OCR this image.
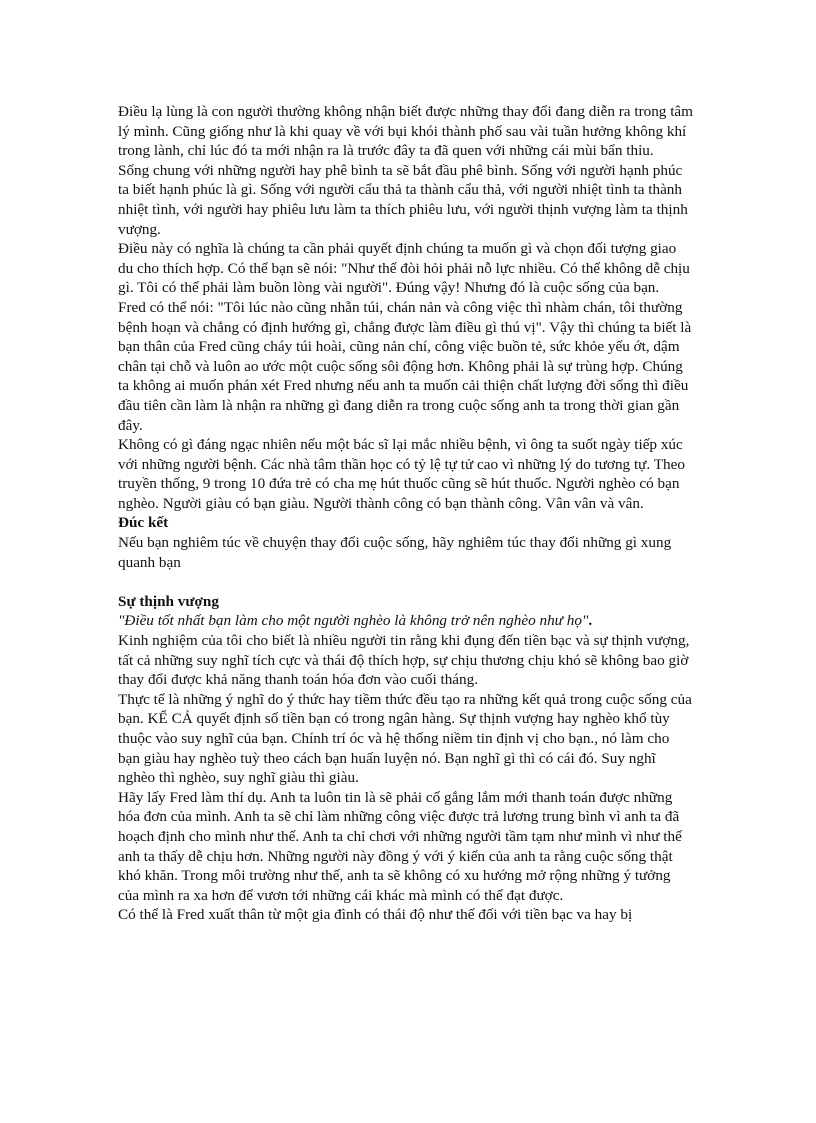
Điều lạ lùng là con người thường không nhận biết được những thay đổi đang diễn ra trong tâm lý mình. Cũng giống như là khi quay về với bụi khói thành phố sau vài tuần hưởng không khí trong lành, chỉ lúc đó ta mới nhận ra là trước đây ta đã quen với những cái mùi bẩn thỉu.

Sống chung với những người hay phê bình ta sẽ bắt đầu phê bình. Sống với người hạnh phúc ta biết hạnh phúc là gì. Sống với người cẩu thả ta thành cẩu thả, với người nhiệt tình ta thành nhiệt tình, với người hay phiêu lưu làm ta thích phiêu lưu, với người thịnh vượng làm ta thịnh vượng.

Điều này có nghĩa là chúng ta cần phải quyết định chúng ta muốn gì và chọn đối tượng giao du cho thích hợp. Có thể bạn sẽ nói: "Như thế đòi hỏi phải nỗ lực nhiều. Có thể không dễ chịu gì. Tôi có thể phải làm buồn lòng vài người". Đúng vậy! Nhưng đó là cuộc sống của bạn.

Fred có thể nói: "Tôi lúc nào cũng nhẵn túi, chán nản và công việc thì nhàm chán, tôi thường bệnh hoạn và chẳng có định hướng gì, chẳng được làm điều gì thú vị". Vậy thì chúng ta biết là bạn thân của Fred cũng cháy túi hoài, cũng nản chí, công việc buồn tẻ, sức khỏe yếu ớt, dậm chân tại chỗ và luôn ao ước một cuộc sống sôi động hơn. Không phải là sự trùng hợp. Chúng ta không ai muốn phán xét Fred nhưng nếu anh ta muốn cải thiện chất lượng đời sống thì điều đầu tiên cần làm là nhận ra những gì đang diễn ra trong cuộc sống anh ta trong thời gian gần đây.

Không có gì đáng ngạc nhiên nếu một bác sĩ lại mắc nhiều bệnh, vì ông ta suốt ngày tiếp xúc với những người bệnh. Các nhà tâm thần học có tỷ lệ tự tử cao vì những lý do tương tự. Theo truyền thống, 9 trong 10 đứa trẻ có cha mẹ hút thuốc cũng sẽ hút thuốc. Người nghèo có bạn nghèo. Người giàu có bạn giàu. Người thành công có bạn thành công. Vân vân và vân.

Đúc kết

Nếu bạn nghiêm túc về chuyện thay đổi cuộc sống, hãy nghiêm túc thay đổi những gì xung quanh bạn

Sự thịnh vượng

"Điều tốt nhất bạn làm cho một người nghèo là không trở nên nghèo như họ".

Kinh nghiệm của tôi cho biết là nhiều người tin rằng khi đụng đến tiền bạc và sự thịnh vượng, tất cả những suy nghĩ tích cực và thái độ thích hợp, sự chịu thương chịu khó sẽ không bao giờ thay đổi được khả năng thanh toán hóa đơn vào cuối tháng.

Thực tế là những ý nghĩ do ý thức hay tiềm thức đều tạo ra những kết quả trong cuộc sống của bạn. KỂ CẢ quyết định số tiền bạn có trong ngân hàng. Sự thịnh vượng hay nghèo khổ tùy thuộc vào suy nghĩ của bạn. Chính trí óc và hệ thống niềm tin định vị cho bạn., nó làm cho bạn giàu hay nghèo tuỳ theo cách bạn huấn luyện nó. Bạn nghĩ gì thì có cái đó. Suy nghĩ nghèo thì nghèo, suy nghĩ giàu thì giàu.

Hãy lấy Fred làm thí dụ. Anh ta luôn tin là sẽ phải cố gắng lắm mới thanh toán được những hóa đơn của mình. Anh ta sẽ chỉ làm những công việc được trả lương trung bình vì anh ta đã hoạch định cho mình như thế. Anh ta chỉ chơi với những người tầm tạm như mình vì như thế anh ta thấy dễ chịu hơn. Những người này đồng ý với ý kiến của anh ta rằng cuộc sống thật khó khăn. Trong môi trường như thế, anh ta sẽ không có xu hướng mở rộng những ý tưởng của mình ra xa hơn để vươn tới những cái khác mà mình có thể đạt được.

Có thể là Fred xuất thân từ một gia đình có thái độ như thế đối với tiền bạc va hay bị
